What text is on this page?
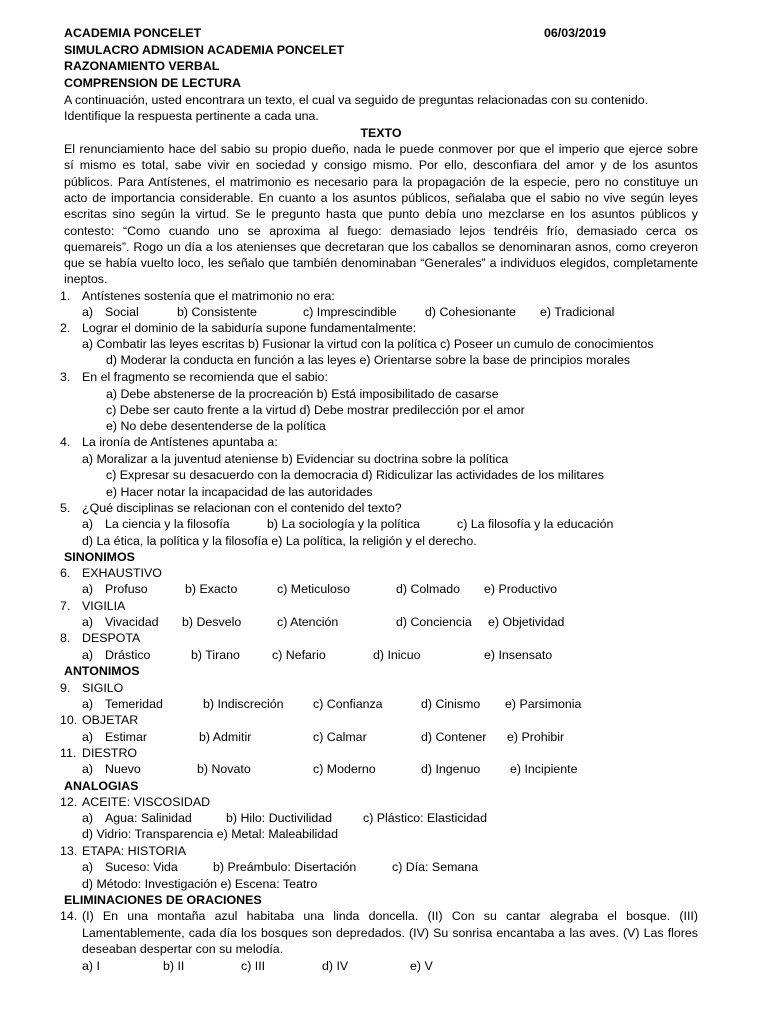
ACADEMIA PONCELET	06/03/2019
SIMULACRO ADMISION ACADEMIA PONCELET
RAZONAMIENTO VERBAL
COMPRENSION DE LECTURA
A continuación, usted encontrara un texto, el cual va seguido de preguntas relacionadas con su contenido.
Identifique la respuesta pertinente a cada una.
TEXTO
El renunciamiento hace del sabio su propio dueño, nada le puede conmover por que el imperio que ejerce sobre
sí mismo es total, sabe vivir en sociedad y consigo mismo. Por ello, desconfiara del amor y de los asuntos
públicos. Para Antístenes, el matrimonio es necesario para la propagación de la especie, pero no constituye un
acto de importancia considerable. En cuanto a los asuntos públicos, señalaba que el sabio no vive según leyes
escritas sino según la virtud. Se le pregunto hasta que punto debía uno mezclarse en los asuntos públicos y
contesto: “Como cuando uno se aproxima al fuego: demasiado lejos tendréis frío, demasiado cerca os
quemareis”. Rogo un día a los atenienses que decretaran que los caballos se denominaran asnos, como creyeron
que se había vuelto loco, les señalo que también denominaban “Generales” a individuos elegidos, completamente
ineptos.
1. Antístenes sostenía que el matrimonio no era:
a) Social	b) Consistente	c) Imprescindible d) Cohesionante e) Tradicional
2. Lograr el dominio de la sabiduría supone fundamentalmente:
a) Combatir las leyes escritas b) Fusionar la virtud con la política c) Poseer un cumulo de conocimientos
d) Moderar la conducta en función a las leyes e) Orientarse sobre la base de principios morales
3. En el fragmento se recomienda que el sabio:
a) Debe abstenerse de la procreación b) Está imposibilitado de casarse
c) Debe ser cauto frente a la virtud d) Debe mostrar predilección por el amor
e) No debe desentenderse de la política
4. La ironía de Antístenes apuntaba a:
a) Moralizar a la juventud ateniense b) Evidenciar su doctrina sobre la política
c) Expresar su desacuerdo con la democracia d) Ridiculizar las actividades de los militares
e) Hacer notar la incapacidad de las autoridades
5. ¿Qué disciplinas se relacionan con el contenido del texto?
a) La ciencia y la filosofía	b) La sociología y la política	c) La filosofía y la educación
d) La ética, la política y la filosofía e) La política, la religión y el derecho.
SINONIMOS
6. EXHAUSTIVO
a) Profuso	b) Exacto	c) Meticuloso	d) Colmado e) Productivo
7. VIGILIA
a) Vivacidad b) Desvelo	c) Atención	d) Conciencia e) Objetividad
8. DESPOTA
a) Drástico	b) Tirano	c) Nefario	d) Inicuo	e) Insensato
ANTONIMOS
9. SIGILO
a) Temeridad	b) Indiscreción c) Confianza	d) Cinismo e) Parsimonia
10. OBJETAR
a) Estimar	b) Admitir	c) Calmar	d) Contener e) Prohibir
11. DIESTRO
a) Nuevo	b) Novato	c) Moderno	d) Ingenuo e) Incipiente
ANALOGIAS
12. ACEITE: VISCOSIDAD
a) Agua: Salinidad	b) Hilo: Ductivilidad c) Plástico: Elasticidad
d) Vidrio: Transparencia e) Metal: Maleabilidad
13. ETAPA: HISTORIA
a) Suceso: Vida	b) Preámbulo: Disertación	c) Día: Semana
d) Método: Investigación e) Escena: Teatro
ELIMINACIONES DE ORACIONES
14. (I) En una montaña azul habitaba una linda doncella. (II) Con su cantar alegraba el bosque. (III)
Lamentablemente, cada día los bosques son depredados. (IV) Su sonrisa encantaba a las aves. (V) Las flores
deseaban despertar con su melodía.
a) I	b) II	c) III	d) IV	e) V
